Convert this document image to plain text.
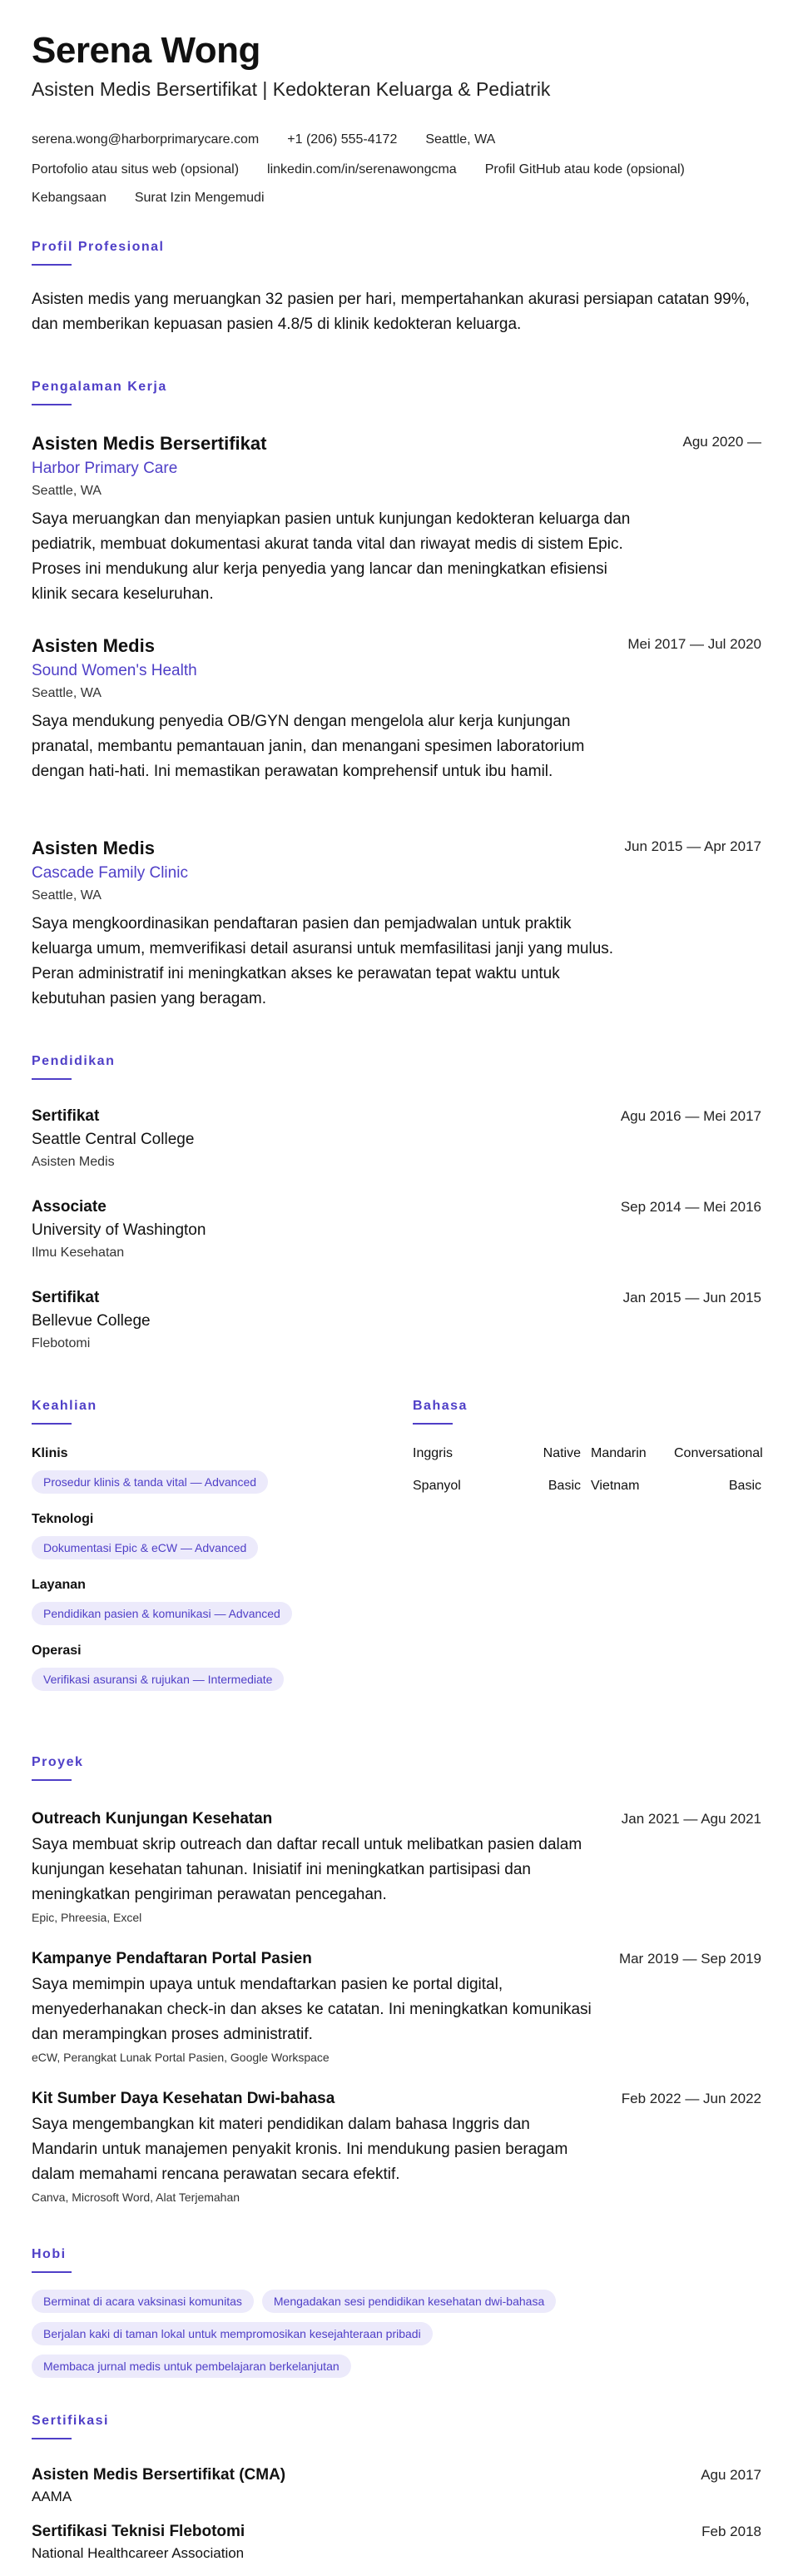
Serena Wong
Asisten Medis Bersertifikat | Kedokteran Keluarga & Pediatrik
serena.wong@harborprimarycare.com +1 (206) 555-4172 Seattle, WA
Portofolio atau situs web (opsional) linkedin.com/in/serenawongcma Profil GitHub atau kode (opsional)
Kebangsaan Surat Izin Mengemudi
Profil Profesional
Asisten medis yang meruangkan 32 pasien per hari, mempertahankan akurasi persiapan catatan 99%, dan memberikan kepuasan pasien 4.8/5 di klinik kedokteran keluarga.
Pengalaman Kerja
Asisten Medis Bersertifikat
Harbor Primary Care
Seattle, WA
Saya meruangkan dan menyiapkan pasien untuk kunjungan kedokteran keluarga dan pediatrik, membuat dokumentasi akurat tanda vital dan riwayat medis di sistem Epic. Proses ini mendukung alur kerja penyedia yang lancar dan meningkatkan efisiensi klinik secara keseluruhan.
Agu 2020 —
Asisten Medis
Sound Women's Health
Seattle, WA
Saya mendukung penyedia OB/GYN dengan mengelola alur kerja kunjungan pranatal, membantu pemantauan janin, dan menangani spesimen laboratorium dengan hati-hati. Ini memastikan perawatan komprehensif untuk ibu hamil.
Mei 2017 — Jul 2020
Asisten Medis
Cascade Family Clinic
Seattle, WA
Saya mengkoordinasikan pendaftaran pasien dan pemjadwalan untuk praktik keluarga umum, memverifikasi detail asuransi untuk memfasilitasi janji yang mulus. Peran administratif ini meningkatkan akses ke perawatan tepat waktu untuk kebutuhan pasien yang beragam.
Jun 2015 — Apr 2017
Pendidikan
Sertifikat
Seattle Central College
Asisten Medis
Agu 2016 — Mei 2017
Associate
University of Washington
Ilmu Kesehatan
Sep 2014 — Mei 2016
Sertifikat
Bellevue College
Flebotomi
Jan 2015 — Jun 2015
Keahlian
Klinis
Prosedur klinis & tanda vital — Advanced
Teknologi
Dokumentasi Epic & eCW — Advanced
Layanan
Pendidikan pasien & komunikasi — Advanced
Operasi
Verifikasi asuransi & rujukan — Intermediate
Bahasa
Inggris	Native Mandarin	Conversational
Spanyol	Basic Vietnam	Basic
Proyek
Outreach Kunjungan Kesehatan
Saya membuat skrip outreach dan daftar recall untuk melibatkan pasien dalam kunjungan kesehatan tahunan. Inisiatif ini meningkatkan partisipasi dan meningkatkan pengiriman perawatan pencegahan.
Epic, Phreesia, Excel
Jan 2021 — Agu 2021
Kampanye Pendaftaran Portal Pasien
Saya memimpin upaya untuk mendaftarkan pasien ke portal digital, menyederhanakan check-in dan akses ke catatan. Ini meningkatkan komunikasi dan merampingkan proses administratif.
eCW, Perangkat Lunak Portal Pasien, Google Workspace
Mar 2019 — Sep 2019
Kit Sumber Daya Kesehatan Dwi-bahasa
Saya mengembangkan kit materi pendidikan dalam bahasa Inggris dan Mandarin untuk manajemen penyakit kronis. Ini mendukung pasien beragam dalam memahami rencana perawatan secara efektif.
Canva, Microsoft Word, Alat Terjemahan
Feb 2022 — Jun 2022
Hobi
Berminat di acara vaksinasi komunitas	Mengadakan sesi pendidikan kesehatan dwi-bahasa
Berjalan kaki di taman lokal untuk mempromosikan kesejahteraan pribadi
Membaca jurnal medis untuk pembelajaran berkelanjutan
Sertifikasi
Asisten Medis Bersertifikat (CMA)
AAMA
Agu 2017
Sertifikasi Teknisi Flebotomi
National Healthcareer Association
Feb 2018
